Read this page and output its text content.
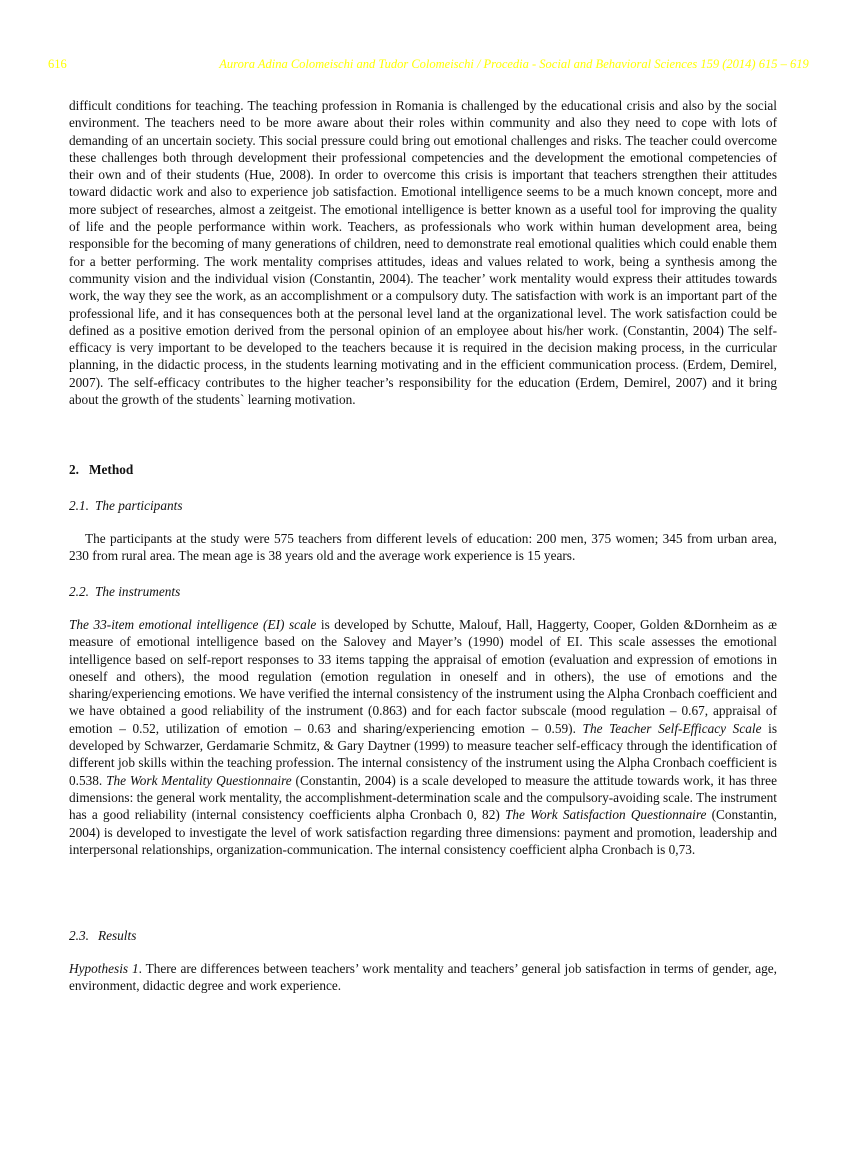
616	Aurora Adina Colomeischi and Tudor Colomeischi / Procedia - Social and Behavioral Sciences 159 (2014) 615 – 619

difficult conditions for teaching. The teaching profession in Romania is challenged by the educational crisis and also by the social environment. The teachers need to be more aware about their roles within community and also they need to cope with lots of demanding of an uncertain society. This social pressure could bring out emotional challenges and risks. The teacher could overcome these challenges both through development their professional competencies and the development the emotional competencies of their own and of their students (Hue, 2008). In order to overcome this crisis is important that teachers strengthen their attitudes toward didactic work and also to experience job satisfaction. Emotional intelligence seems to be a much known concept, more and more subject of researches, almost a zeitgeist. The emotional intelligence is better known as a useful tool for improving the quality of life and the people performance within work. Teachers, as professionals who work within human development area, being responsible for the becoming of many generations of children, need to demonstrate real emotional qualities which could enable them for a better performing. The work mentality comprises attitudes, ideas and values related to work, being a synthesis among the community vision and the individual vision (Constantin, 2004). The teacher’ work mentality would express their attitudes towards work, the way they see the work, as an accomplishment or a compulsory duty. The satisfaction with work is an important part of the professional life, and it has consequences both at the personal level land at the organizational level. The work satisfaction could be defined as a positive emotion derived from the personal opinion of an employee about his/her work. (Constantin, 2004) The self-efficacy is very important to be developed to the teachers because it is required in the decision making process, in the curricular planning, in the didactic process, in the students learning motivating and in the efficient communication process. (Erdem, Demirel, 2007). The self-efficacy contributes to the higher teacher’s responsibility for the education (Erdem, Demirel, 2007) and it bring about the growth of the students` learning motivation.

2. Method
2.1. The participants

The participants at the study were 575 teachers from different levels of education: 200 men, 375 women; 345 from urban area, 230 from rural area. The mean age is 38 years old and the average work experience is 15 years.

2.2. The instruments

The 33-item emotional intelligence (EI) scale is developed by Schutte, Malouf, Hall, Haggerty, Cooper, Golden &Dornheim as æ measure of emotional intelligence based on the Salovey and Mayer’s (1990) model of EI. This scale assesses the emotional intelligence based on self-report responses to 33 items tapping the appraisal of emotion (evaluation and expression of emotions in oneself and others), the mood regulation (emotion regulation in oneself and in others), the use of emotions and the sharing/experiencing emotions. We have verified the internal consistency of the instrument using the Alpha Cronbach coefficient and we have obtained a good reliability of the instrument (0.863) and for each factor subscale (mood regulation – 0.67, appraisal of emotion – 0.52, utilization of emotion – 0.63 and sharing/experiencing emotion – 0.59). The Teacher Self-Efficacy Scale is developed by Schwarzer, Gerdamarie Schmitz, & Gary Daytner (1999) to measure teacher self-efficacy through the identification of different job skills within the teaching profession. The internal consistency of the instrument using the Alpha Cronbach coefficient is 0.538. The Work Mentality Questionnaire (Constantin, 2004) is a scale developed to measure the attitude towards work, it has three dimensions: the general work mentality, the accomplishment-determination scale and the compulsory-avoiding scale. The instrument has a good reliability (internal consistency coefficients alpha Cronbach 0, 82) The Work Satisfaction Questionnaire (Constantin, 2004) is developed to investigate the level of work satisfaction regarding three dimensions: payment and promotion, leadership and interpersonal relationships, organization-communication. The internal consistency coefficient alpha Cronbach is 0,73.

2.3. Results

Hypothesis 1. There are differences between teachers’ work mentality and teachers’ general job satisfaction in terms of gender, age, environment, didactic degree and work experience.
